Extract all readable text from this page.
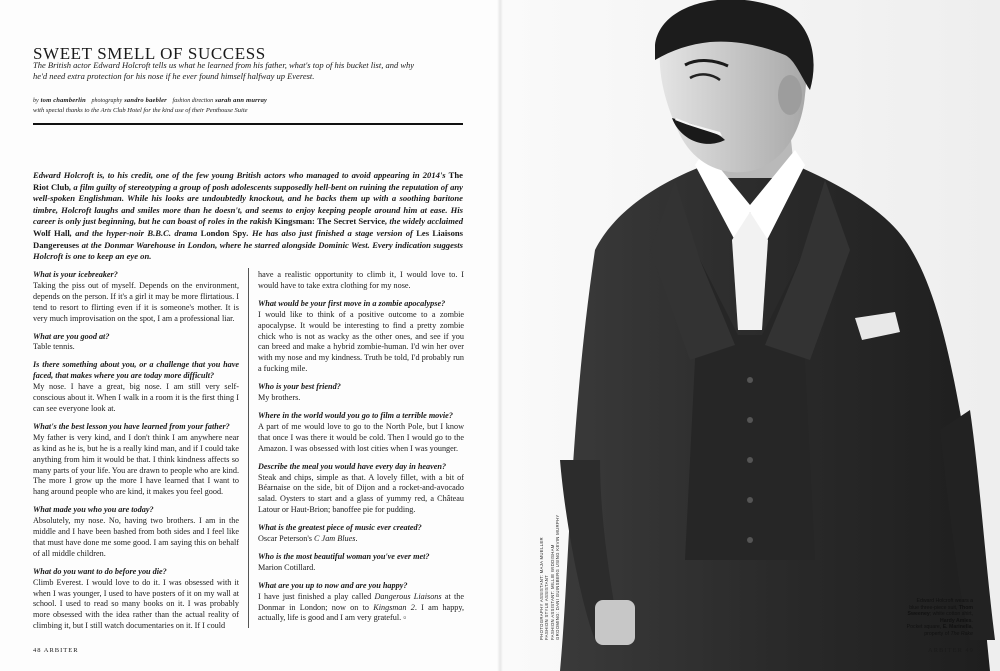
SWEET SMELL OF SUCCESS

The British actor Edward Holcroft tells us what he learned from his father, what's top of his bucket list, and why he'd need extra protection for his nose if he ever found himself halfway up Everest.

by tom chamberlin photography sandro baebler fashion direction sarah ann murray
with special thanks to the Arts Club Hotel for the kind use of their Penthouse Suite

Edward Holcroft is, to his credit, one of the few young British actors who managed to avoid appearing in 2014's The Riot Club, a film guilty of stereotyping a group of posh adolescents supposedly hell-bent on ruining the reputation of any well-spoken Englishman. While his looks are undoubtedly knockout, and he backs them up with a soothing baritone timbre, Holcroft laughs and smiles more than he doesn't, and seems to enjoy keeping people around him at ease. His career is only just beginning, but he can boast of roles in the rakish Kingsman: The Secret Service, the widely acclaimed Wolf Hall, and the hyper-noir B.B.C. drama London Spy. He has also just finished a stage version of Les Liaisons Dangereuses at the Donmar Warehouse in London, where he starred alongside Dominic West. Every indication suggests Holcroft is one to keep an eye on.

What is your icebreaker?
Taking the piss out of myself. Depends on the environment, depends on the person. If it's a girl it may be more flirtatious. I tend to resort to flirting even if it is someone's mother. It is very much improvisation on the spot, I am a professional liar.
What are you good at?
Table tennis.
Is there something about you, or a challenge that you have faced, that makes where you are today more difficult?
My nose. I have a great, big nose. I am still very self-conscious about it. When I walk in a room it is the first thing I can see everyone look at.
What's the best lesson you have learned from your father?
My father is very kind, and I don't think I am anywhere near as kind as he is, but he is a really kind man, and if I could take anything from him it would be that. I think kindness affects so many parts of your life. You are drawn to people who are kind. The more I grow up the more I have learned that I want to hang around people who are kind, it makes you feel good.
What made you who you are today?
Absolutely, my nose. No, having two brothers. I am in the middle and I have been bashed from both sides and I feel like that must have done me some good. I am saying this on behalf of all middle children.
What do you want to do before you die?
Climb Everest. I would love to do it. I was obsessed with it when I was younger, I used to have posters of it on my wall at school. I used to read so many books on it. I was probably more obsessed with the idea rather than the actual reality of climbing it, but I still watch documentaries on it. If I could
have a realistic opportunity to climb it, I would love to. I would have to take extra clothing for my nose.
What would be your first move in a zombie apocalypse?
I would like to think of a positive outcome to a zombie apocalypse. It would be interesting to find a pretty zombie chick who is not as wacky as the other ones, and see if you can breed and make a hybrid zombie-human. I'd win her over with my nose and my kindness. Truth be told, I'd probably run a fucking mile.
Who is your best friend?
My brothers.
Where in the world would you go to film a terrible movie?
A part of me would love to go to the North Pole, but I know that once I was there it would be cold. Then I would go to the Amazon. I was obsessed with lost cities when I was younger.
Describe the meal you would have every day in heaven?
Steak and chips, simple as that. A lovely fillet, with a bit of Béarnaise on the side, bit of Dijon and a rocket-and-avocado salad. Oysters to start and a glass of yummy red, a Château Latour or Haut-Brion; banoffee pie for pudding.
What is the greatest piece of music ever created?
Oscar Peterson's C Jam Blues.
Who is the most beautiful woman you've ever met?
Marion Cotillard.
What are you up to now and are you happy?
I have just finished a play called Dangerous Liaisons at the Donmar in London; now on to Kingsman 2. I am happy, actually, life is good and I am very grateful. ▫
48 ARBITER
PHOTOGRAPHY ASSISTANT: MAJA MUELLER FASHION STYLE ASSISTANT FASHION ASSISTANT: MILLIE WIDDISHAM GROOMING: DANI GUINSBERG USING KEVIN MURPHY	Edward Holcroft wears a
blue three-piece suit, Thom Sweeney; white cotton shirt, Hardy Amies.
Pocket square, E. Marinella, property of The Rake
ARBITER 49
